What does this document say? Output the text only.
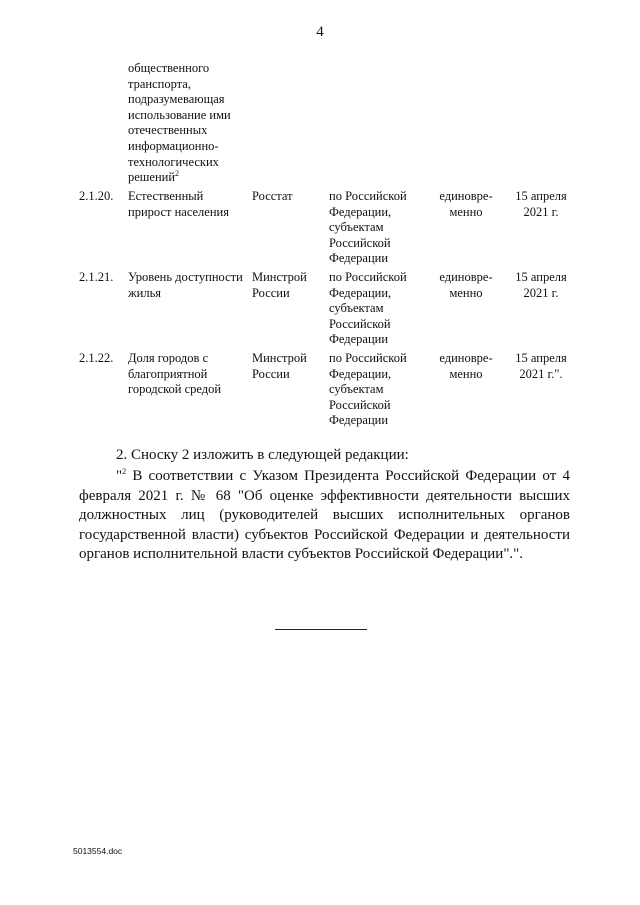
4
общественного транспорта, подразумевающая использование ими отечественных информационно-технологических решений$^2$
2.1.20. Естественный прирост населения
Росстат	по Российской Федерации, субъектам Российской Федерации
единовре-менно
15 апреля 2021 г.
2.1.21. Уровень доступности жилья
Минстрой России
по Российской Федерации, субъектам Российской Федерации
единовре-менно
15 апреля 2021 г.
2.1.22. Доля городов с благоприятной городской средой
Минстрой России
по Российской Федерации, субъектам Российской Федерации
единовре-менно
15 апреля 2021 г.".
2. Сноску 2 изложить в следующей редакции:
"$^2$ В соответствии с Указом Президента Российской Федерации от 4 февраля 2021 г. № 68 "Об оценке эффективности деятельности высших должностных лиц (руководителей высших исполнительных органов государственной власти) субъектов Российской Федерации и деятельности органов исполнительной власти субъектов Российской Федерации".".
5013554.doc
